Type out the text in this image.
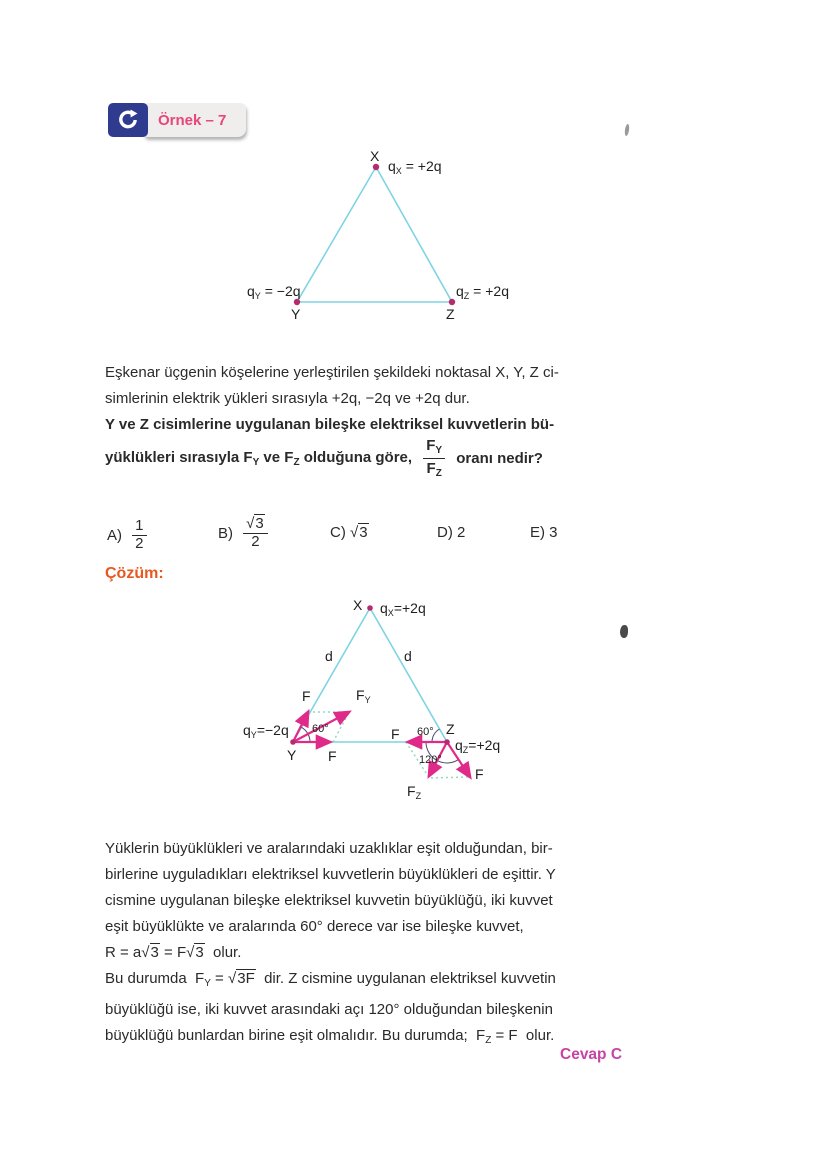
Örnek – 7
X
$q_X = +2q$
$q_Y = -2q$
Y
$q_Z = +2q$
Z
Eşkenar üçgenin köşelerine yerleştirilen şekildeki noktasal X, Y, Z ci-
simlerinin elektrik yükleri sırasıyla +2q, −2q ve +2q dur.
Y ve Z cisimlerine uygulanan bileşke elektriksel kuvvetlerin bü-
yüklükleri sırasıyla $F_Y$ ve $F_Z$ olduğuna göre, $\frac{F_Y}{F_Z}$ oranı nedir?
A)
1
2
B)
√3
2
C) √3	D) 2	E) 3
Çözüm:
X $q_X=+2q$
d	d
F	$F_Y$
$q_Y=-2q$ 60°
Y F
F 60° Z
$q_Z=+2q$
120°
F
$F_Z$
Yüklerin büyüklükleri ve aralarındaki uzaklıklar eşit olduğundan, bir-
birlerine uyguladıkları elektriksel kuvvetlerin büyüklükleri de eşittir. Y
cismine uygulanan bileşke elektriksel kuvvetin büyüklüğü, iki kuvvet
eşit büyüklükte ve aralarında 60° derece var ise bileşke kuvvet,
R = a√3 = F√3  olur.
Bu durumda  $F_Y = √3F$  dir. Z cismine uygulanan elektriksel kuvvetin
büyüklüğü ise, iki kuvvet arasındaki açı 120° olduğundan bileşkenin
büyüklüğü bunlardan birine eşit olmalıdır. Bu durumda;  $F_Z = F$  olur.
Cevap C
